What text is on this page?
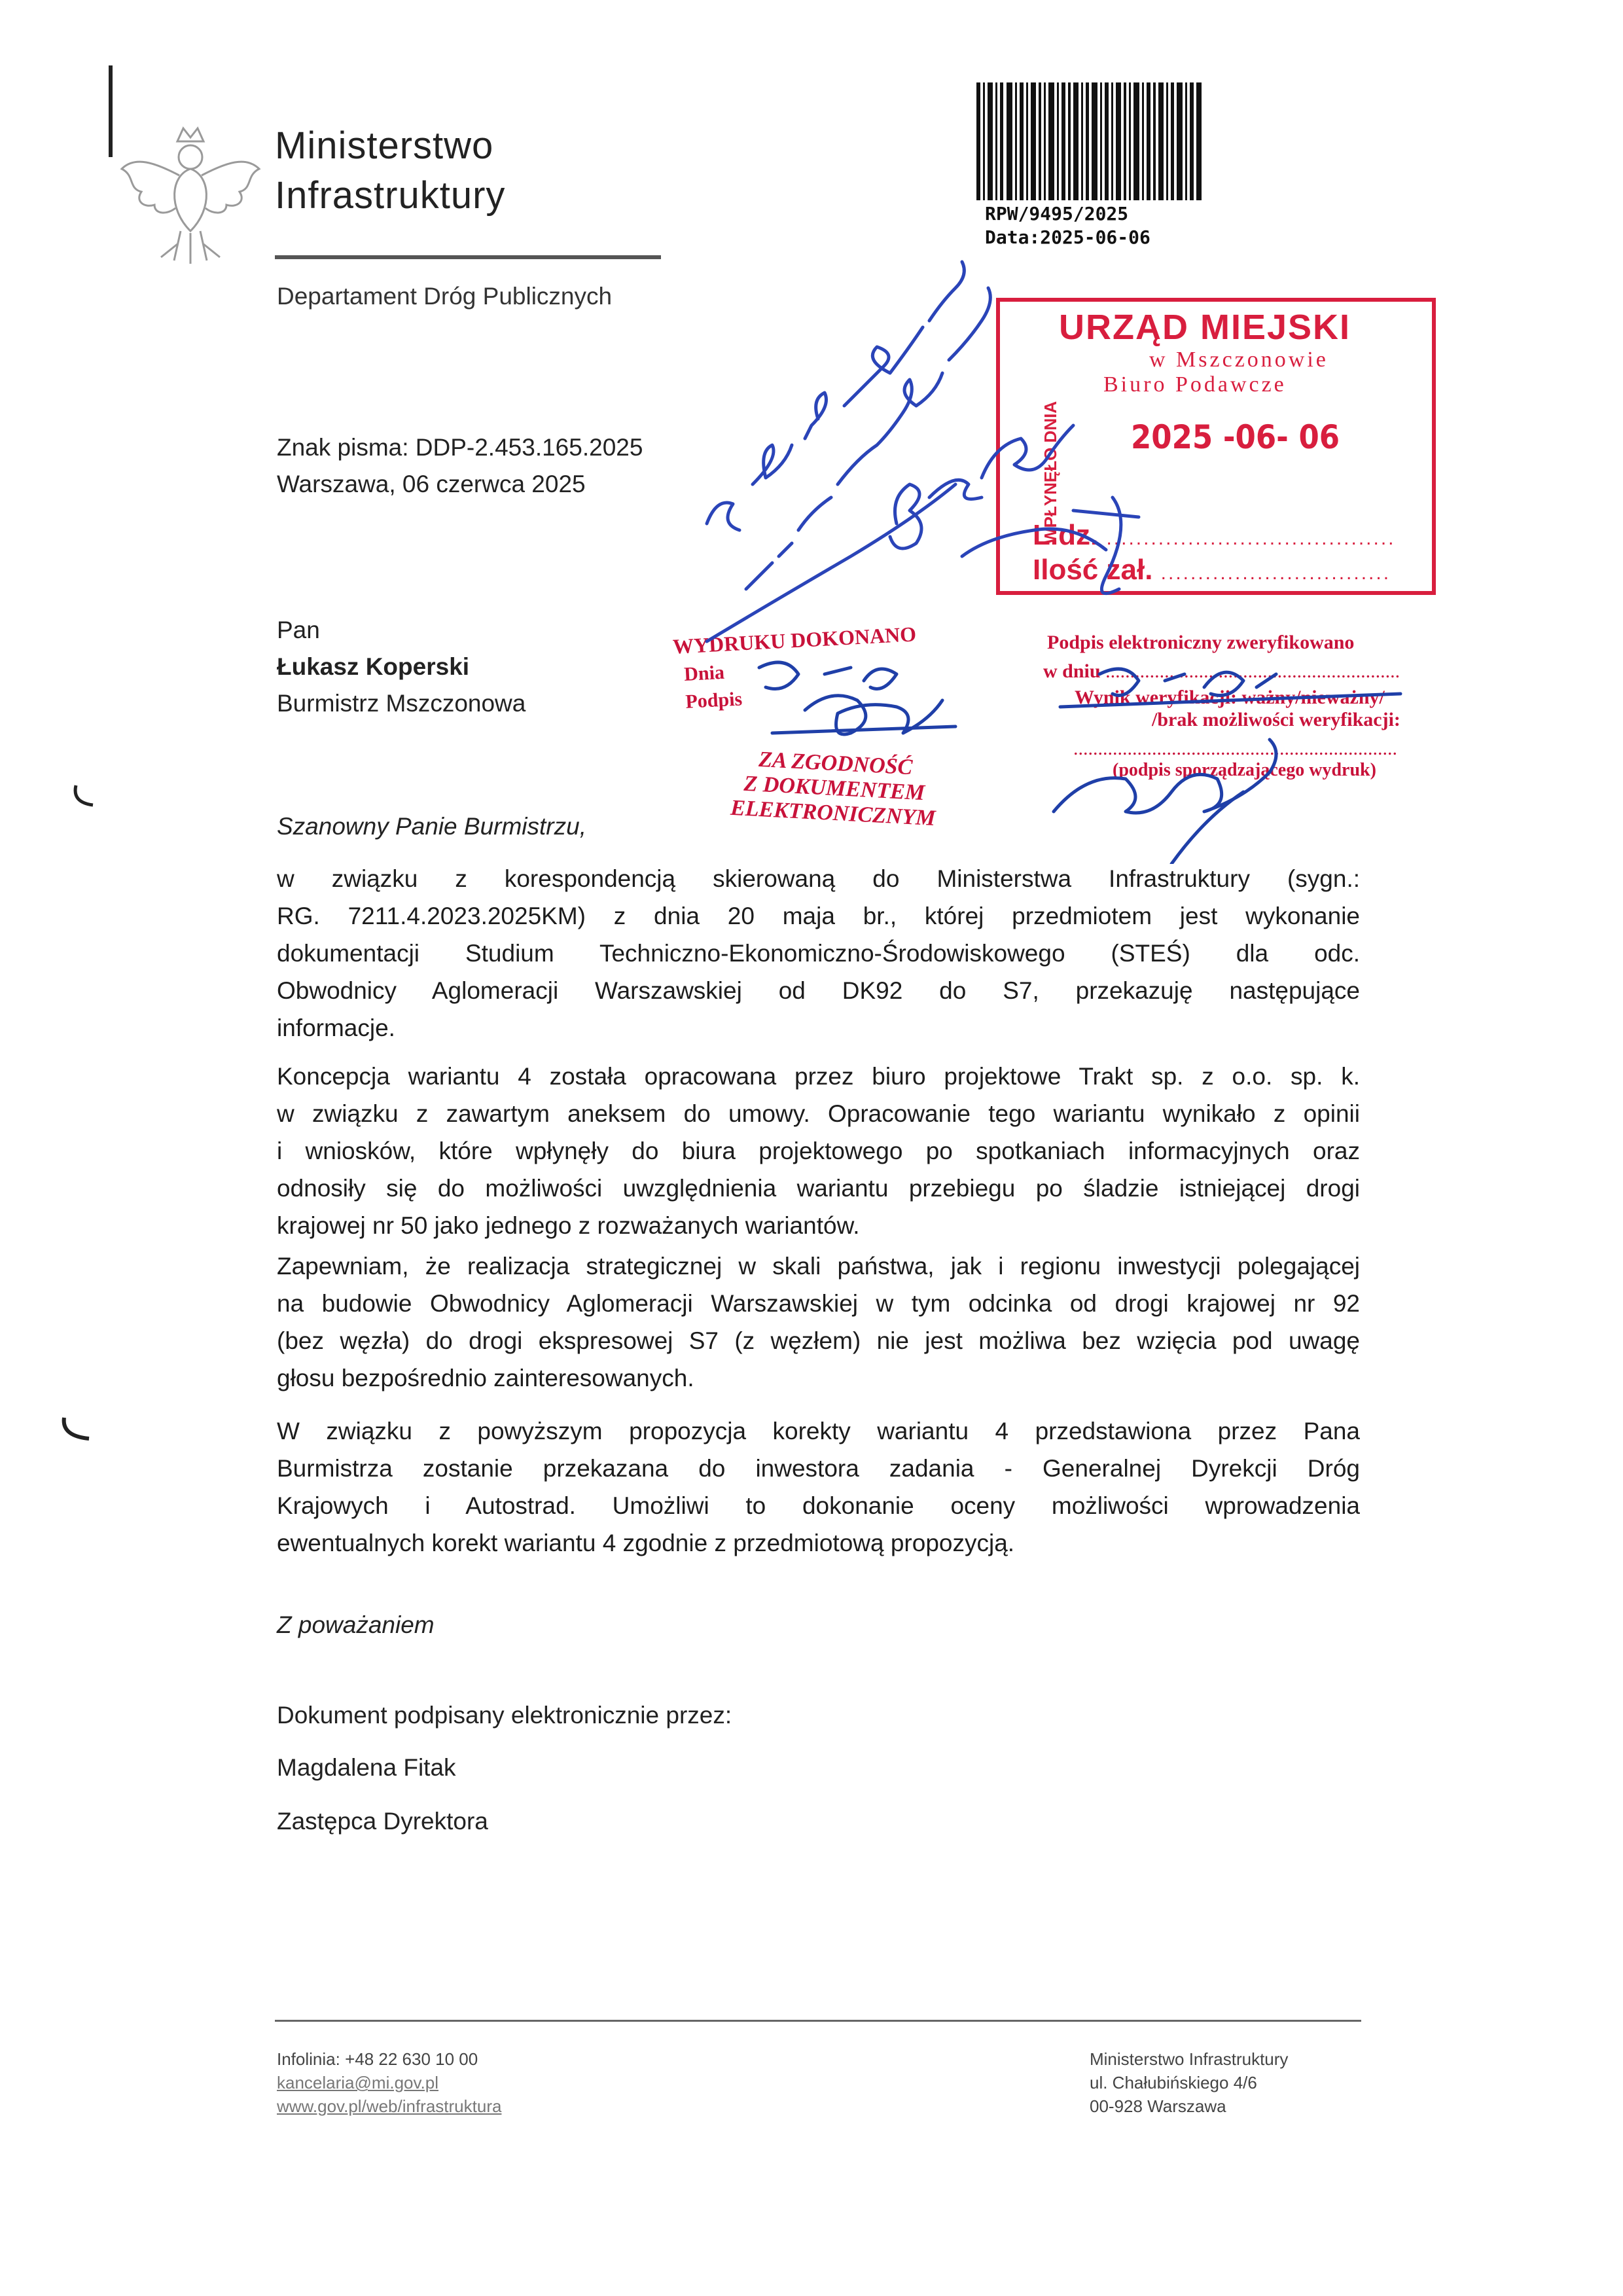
Ministerstwo
Infrastruktury
Departament Dróg Publicznych
RPW/9495/2025
Data:2025-06-06
Znak pisma: DDP-2.453.165.2025
Warszawa, 06 czerwca 2025
Pan
Łukasz Koperski
Burmistrz Mszczonowa
URZĄD MIEJSKI
w Mszczonowie
Biuro Podawcze
WPŁYNĘŁO DNIA 2025 -06- 06
L.dz. .......................................
Ilość zał. ...............................
WYDRUKU DOKONANO
Dnia
Podpis
ZA ZGODNOŚĆ
Z DOKUMENTEM
ELEKTRONICZNYM
Podpis elektroniczny zweryfikowano
w dniu ............................................................
Wynik weryfikacji: ważny/nieważny/
/brak możliwości weryfikacji:
..................................................................
(podpis sporządzającego wydruk)
Szanowny Panie Burmistrzu,
w związku z korespondencją skierowaną do Ministerstwa Infrastruktury (sygn.:
RG. 7211.4.2023.2025KM) z dnia 20 maja br., której przedmiotem jest wykonanie
dokumentacji Studium Techniczno-Ekonomiczno-Środowiskowego (STEŚ) dla odc.
Obwodnicy Aglomeracji Warszawskiej od DK92 do S7, przekazuję następujące
informacje.
Koncepcja wariantu 4 została opracowana przez biuro projektowe Trakt sp. z o.o. sp. k.
w związku z zawartym aneksem do umowy. Opracowanie tego wariantu wynikało z opinii
i wniosków, które wpłynęły do biura projektowego po spotkaniach informacyjnych oraz
odnosiły się do możliwości uwzględnienia wariantu przebiegu po śladzie istniejącej drogi
krajowej nr 50 jako jednego z rozważanych wariantów.
Zapewniam, że realizacja strategicznej w skali państwa, jak i regionu inwestycji polegającej
na budowie Obwodnicy Aglomeracji Warszawskiej w tym odcinka od drogi krajowej nr 92
(bez węzła) do drogi ekspresowej S7 (z węzłem) nie jest możliwa bez wzięcia pod uwagę
głosu bezpośrednio zainteresowanych.
W związku z powyższym propozycja korekty wariantu 4 przedstawiona przez Pana
Burmistrza zostanie przekazana do inwestora zadania - Generalnej Dyrekcji Dróg
Krajowych i Autostrad. Umożliwi to dokonanie oceny możliwości wprowadzenia
ewentualnych korekt wariantu 4 zgodnie z przedmiotową propozycją.
Z poważaniem
Dokument podpisany elektronicznie przez:
Magdalena Fitak
Zastępca Dyrektora
Infolinia: +48 22 630 10 00
kancelaria@mi.gov.pl
www.gov.pl/web/infrastruktura
Ministerstwo Infrastruktury
ul. Chałubińskiego 4/6
00-928 Warszawa
